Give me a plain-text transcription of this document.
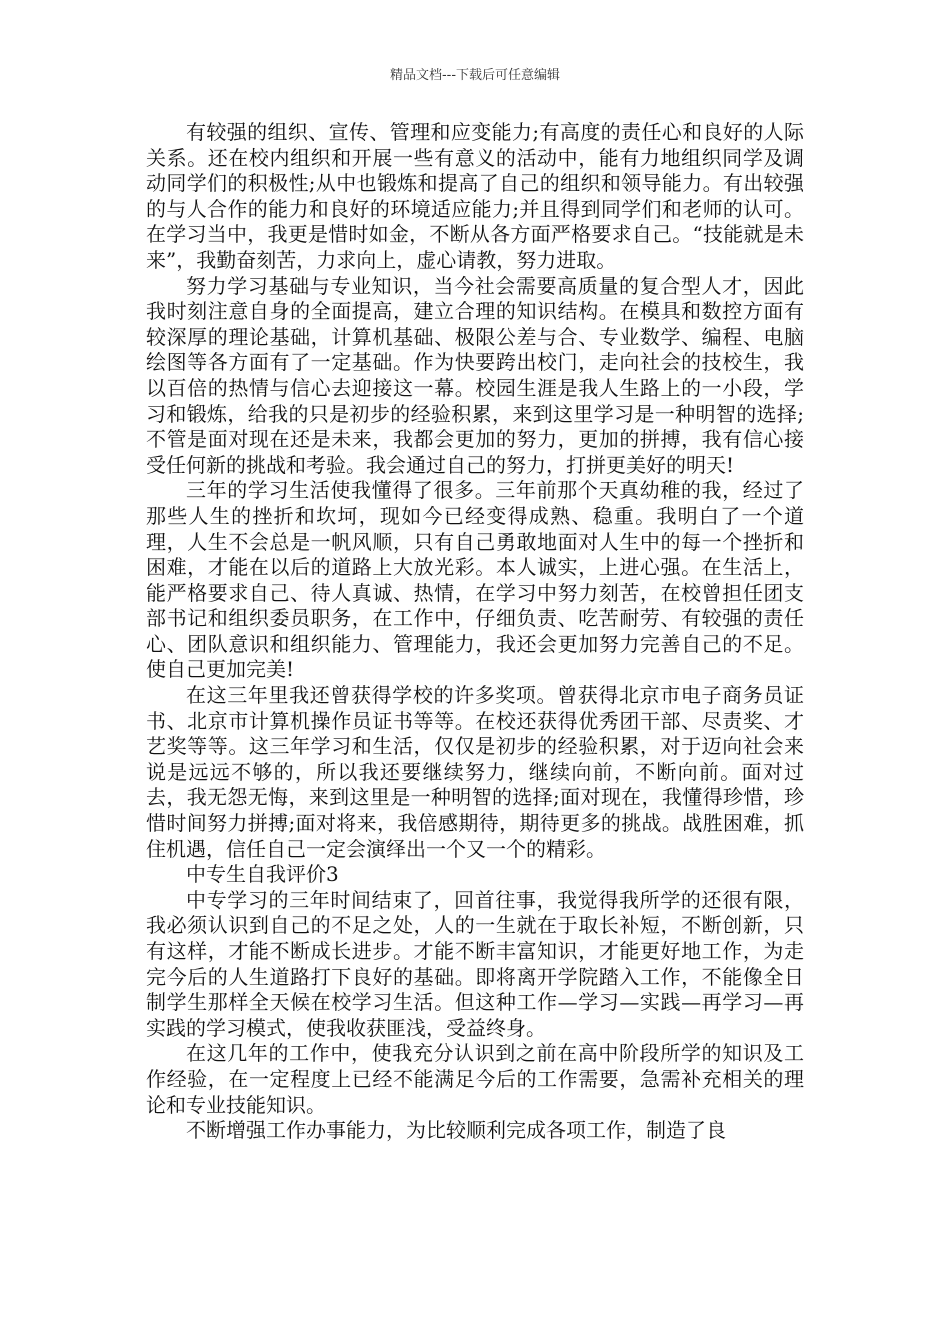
精品文档---下载后可任意编辑

有较强的组织、宣传、管理和应变能力;有高度的责任心和良好的人际关系。还在校内组织和开展一些有意义的活动中，能有力地组织同学及调动同学们的积极性;从中也锻炼和提高了自己的组织和领导能力。有出较强的与人合作的能力和良好的环境适应能力;并且得到同学们和老师的认可。在学习当中，我更是惜时如金，不断从各方面严格要求自己。“技能就是未来”，我勤奋刻苦，力求向上，虚心请教，努力进取。

努力学习基础与专业知识，当今社会需要高质量的复合型人才，因此我时刻注意自身的全面提高，建立合理的知识结构。在模具和数控方面有较深厚的理论基础，计算机基础、极限公差与合、专业数学、编程、电脑绘图等各方面有了一定基础。作为快要跨出校门，走向社会的技校生，我以百倍的热情与信心去迎接这一幕。校园生涯是我人生路上的一小段，学习和锻炼，给我的只是初步的经验积累，来到这里学习是一种明智的选择;不管是面对现在还是未来，我都会更加的努力，更加的拼搏，我有信心接受任何新的挑战和考验。我会通过自己的努力，打拼更美好的明天!

三年的学习生活使我懂得了很多。三年前那个天真幼稚的我，经过了那些人生的挫折和坎坷，现如今已经变得成熟、稳重。我明白了一个道理，人生不会总是一帆风顺，只有自己勇敢地面对人生中的每一个挫折和困难，才能在以后的道路上大放光彩。本人诚实，上进心强。在生活上，能严格要求自己、待人真诚、热情，在学习中努力刻苦，在校曾担任团支部书记和组织委员职务，在工作中，仔细负责、吃苦耐劳、有较强的责任心、团队意识和组织能力、管理能力，我还会更加努力完善自己的不足。使自己更加完美!

在这三年里我还曾获得学校的许多奖项。曾获得北京市电子商务员证书、北京市计算机操作员证书等等。在校还获得优秀团干部、尽责奖、才艺奖等等。这三年学习和生活，仅仅是初步的经验积累，对于迈向社会来说是远远不够的，所以我还要继续努力，继续向前，不断向前。面对过去，我无怨无悔，来到这里是一种明智的选择;面对现在，我懂得珍惜，珍惜时间努力拼搏;面对将来，我倍感期待，期待更多的挑战。战胜困难，抓住机遇，信任自己一定会演绎出一个又一个的精彩。

中专生自我评价3

中专学习的三年时间结束了，回首往事，我觉得我所学的还很有限，我必须认识到自己的不足之处，人的一生就在于取长补短，不断创新，只有这样，才能不断成长进步。才能不断丰富知识，才能更好地工作，为走完今后的人生道路打下良好的基础。即将离开学院踏入工作，不能像全日制学生那样全天候在校学习生活。但这种工作—学习—实践—再学习—再实践的学习模式，使我收获匪浅，受益终身。

在这几年的工作中，使我充分认识到之前在高中阶段所学的知识及工作经验，在一定程度上已经不能满足今后的工作需要，急需补充相关的理论和专业技能知识。

不断增强工作办事能力，为比较顺利完成各项工作，制造了良
